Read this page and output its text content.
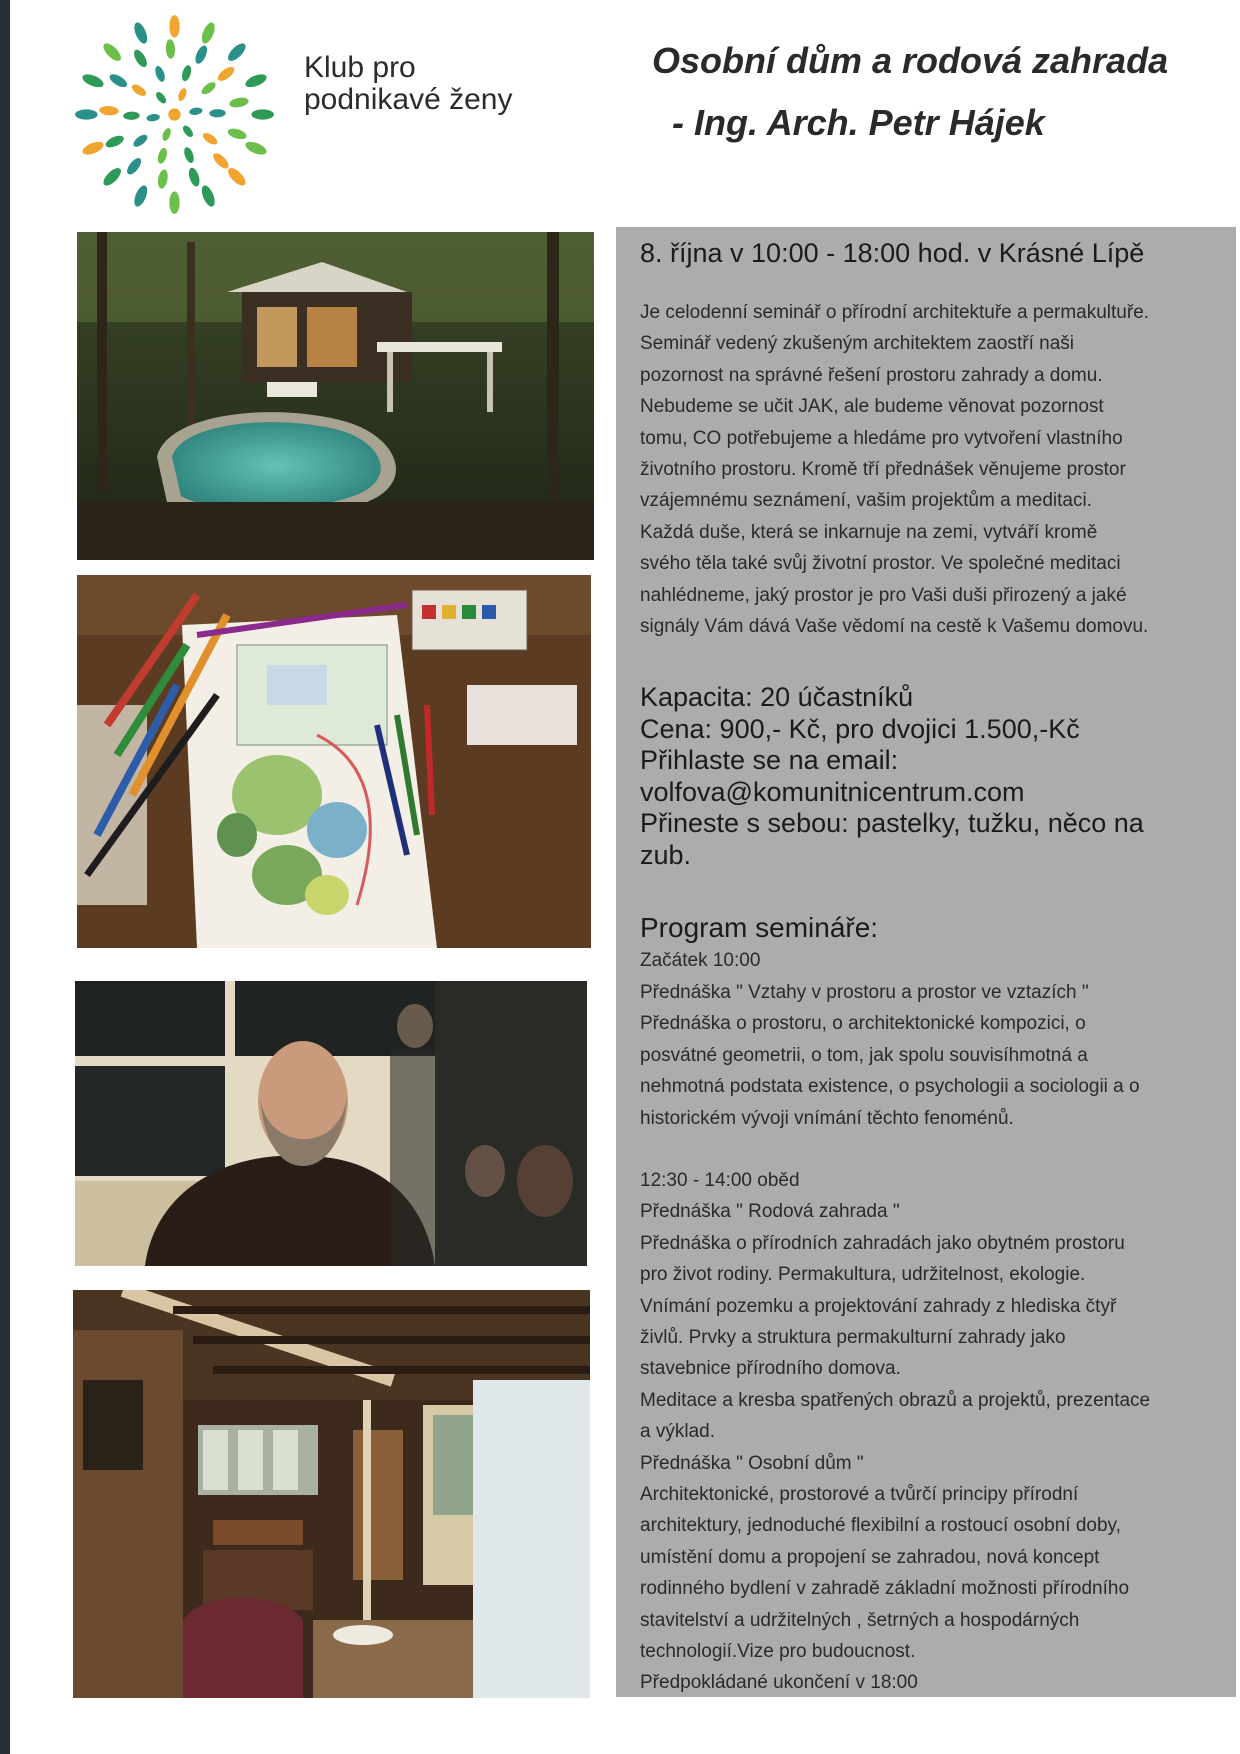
Klub pro
podnikavé ženy
Osobní dům a rodová zahrada
- Ing. Arch. Petr Hájek
8. října v 10:00 - 18:00 hod. v Krásné Lípě
Je celodenní seminář o přírodní architektuře a permakultuře.
Seminář vedený zkušeným architektem zaostří naši
pozornost na správné řešení prostoru zahrady a domu.
Nebudeme se učit JAK, ale budeme věnovat pozornost
tomu, CO potřebujeme a hledáme pro vytvoření vlastního
životního prostoru. Kromě tří přednášek věnujeme prostor
vzájemnému seznámení, vašim projektům a meditaci.
Každá duše, která se inkarnuje na zemi, vytváří kromě
svého těla také svůj životní prostor. Ve společné meditaci
nahlédneme, jaký prostor je pro Vaši duši přirozený a jaké
signály Vám dává Vaše vědomí na cestě k Vašemu domovu.
Kapacita: 20 účastníků
Cena: 900,- Kč, pro dvojici 1.500,-Kč
Přihlaste se na email:
volfova@komunitnicentrum.com
Přineste s sebou: pastelky, tužku, něco na
zub.
Program semináře:
Začátek 10:00
Přednáška " Vztahy v prostoru a prostor ve vztazích "
Přednáška o prostoru, o architektonické kompozici, o
posvátné geometrii, o tom, jak spolu souvisíhmotná a
nehmotná podstata existence, o psychologii a sociologii a o
historickém vývoji vnímání těchto fenoménů.
12:30 - 14:00 oběd
Přednáška " Rodová zahrada "
Přednáška o přírodních zahradách jako obytném prostoru
pro život rodiny. Permakultura, udržitelnost, ekologie.
Vnímání pozemku a projektování zahrady z hlediska čtyř
živlů. Prvky a struktura permakulturní zahrady jako
stavebnice přírodního domova.
Meditace a kresba spatřených obrazů a projektů, prezentace
a výklad.
Přednáška " Osobní dům "
Architektonické, prostorové a tvůrčí principy přírodní
architektury, jednoduché flexibilní a rostoucí osobní doby,
umístění domu a propojení se zahradou, nová koncept
rodinného bydlení v zahradě základní možnosti přírodního
stavitelství a udržitelných , šetrných a hospodárných
technologií.Vize pro budoucnost.
Předpokládané ukončení v 18:00
